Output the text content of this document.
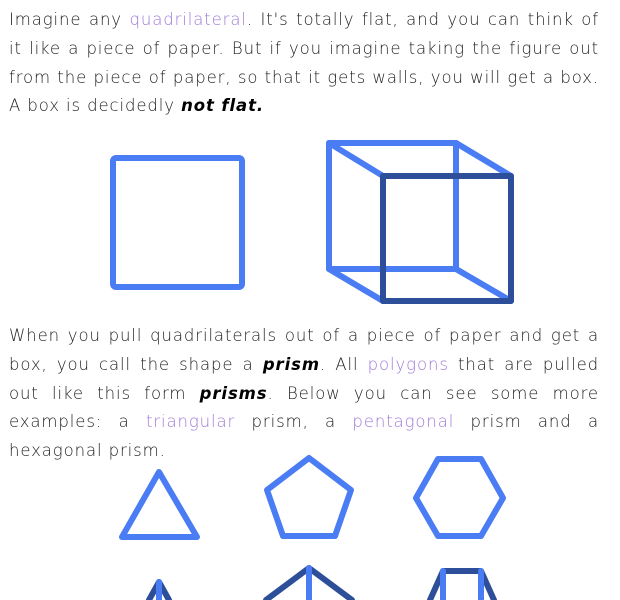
Imagine any quadrilateral. It's totally flat, and you can think of it like a piece of paper. But if you imagine taking the figure out from the piece of paper, so that it gets walls, you will get a box. A box is decidedly not flat.

When you pull quadrilaterals out of a piece of paper and get a box, you call the shape a prism. All polygons that are pulled out like this form prisms. Below you can see some more examples: a triangular prism, a pentagonal prism and a hexagonal prism.
